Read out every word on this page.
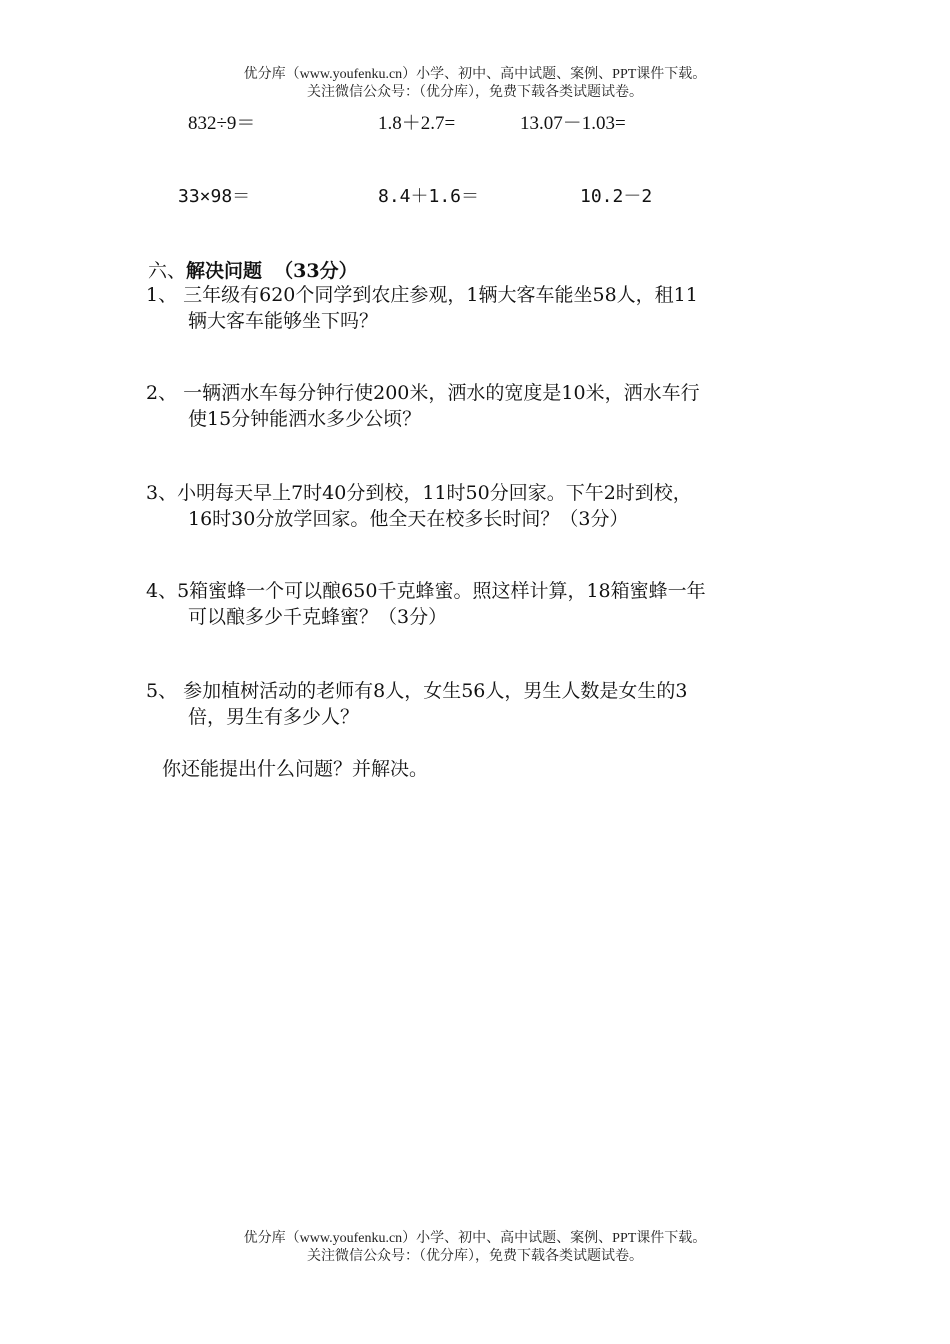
优分库（www.youfenku.cn）小学、初中、高中试题、案例、PPT课件下载。
关注微信公众号：（优分库），免费下载各类试题试卷。
832÷9＝	1.8＋2.7=	13.07－1.03=
33×98＝	8.4＋1.6＝	10.2－2
六、解决问题 （33分）
1、 三年级有620个同学到农庄参观，1辆大客车能坐58人，租11
辆大客车能够坐下吗？
2、 一辆洒水车每分钟行使200米，洒水的宽度是10米，洒水车行
使15分钟能洒水多少公顷？
3、小明每天早上7时40分到校，11时50分回家。下午2时到校，
16时30分放学回家。他全天在校多长时间？（3分）
4、5箱蜜蜂一个可以酿650千克蜂蜜。照这样计算，18箱蜜蜂一年
可以酿多少千克蜂蜜？（3分）
5、 参加植树活动的老师有8人，女生56人，男生人数是女生的3
倍，男生有多少人？
你还能提出什么问题？并解决。
优分库（www.youfenku.cn）小学、初中、高中试题、案例、PPT课件下载。
关注微信公众号：（优分库），免费下载各类试题试卷。
